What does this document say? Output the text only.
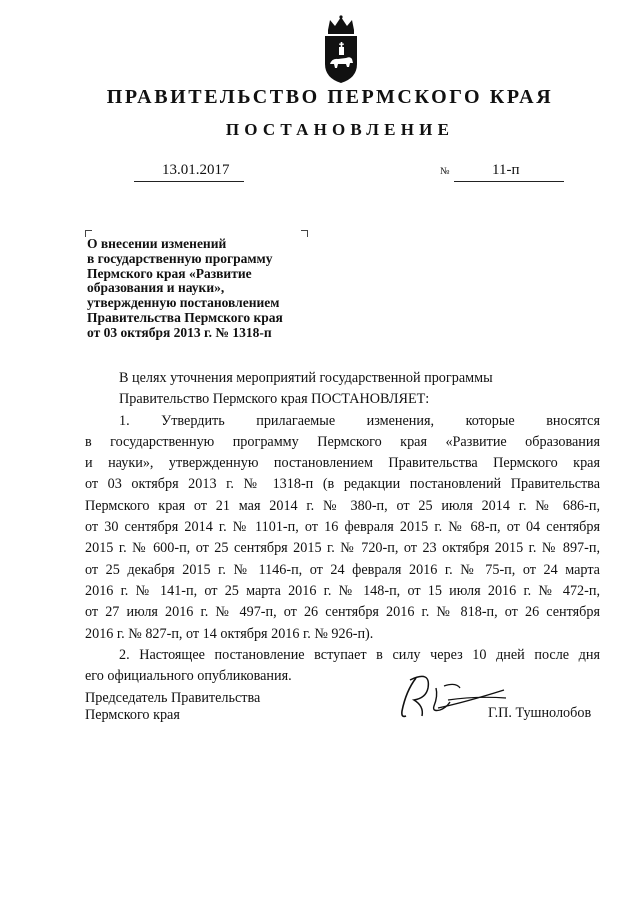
ПРАВИТЕЛЬСТВО ПЕРМСКОГО КРАЯ
ПОСТАНОВЛЕНИЕ
13.01.2017	№	11-п
О внесении изменений
в государственную программу
Пермского края «Развитие
образования и науки»,
утвержденную постановлением
Правительства Пермского края
от 03 октября 2013 г. № 1318-п
В целях уточнения мероприятий государственной программы
Правительство Пермского края ПОСТАНОВЛЯЕТ:
1. Утвердить прилагаемые изменения, которые вносятся
в государственную программу Пермского края «Развитие образования
и науки», утвержденную постановлением Правительства Пермского края
от 03 октября 2013 г. № 1318-п (в редакции постановлений Правительства
Пермского края от 21 мая 2014 г. № 380-п, от 25 июля 2014 г. № 686-п,
от 30 сентября 2014 г. № 1101-п, от 16 февраля 2015 г. № 68-п, от 04 сентября
2015 г. № 600-п, от 25 сентября 2015 г. № 720-п, от 23 октября 2015 г. № 897-п,
от 25 декабря 2015 г. № 1146-п, от 24 февраля 2016 г. № 75-п, от 24 марта
2016 г. № 141-п, от 25 марта 2016 г. № 148-п, от 15 июля 2016 г. № 472-п,
от 27 июля 2016 г. № 497-п, от 26 сентября 2016 г. № 818-п, от 26 сентября
2016 г. № 827-п, от 14 октября 2016 г. № 926-п).
2. Настоящее постановление вступает в силу через 10 дней после дня
его официального опубликования.
Председатель Правительства
Пермского края	Г.П. Тушнолобов
